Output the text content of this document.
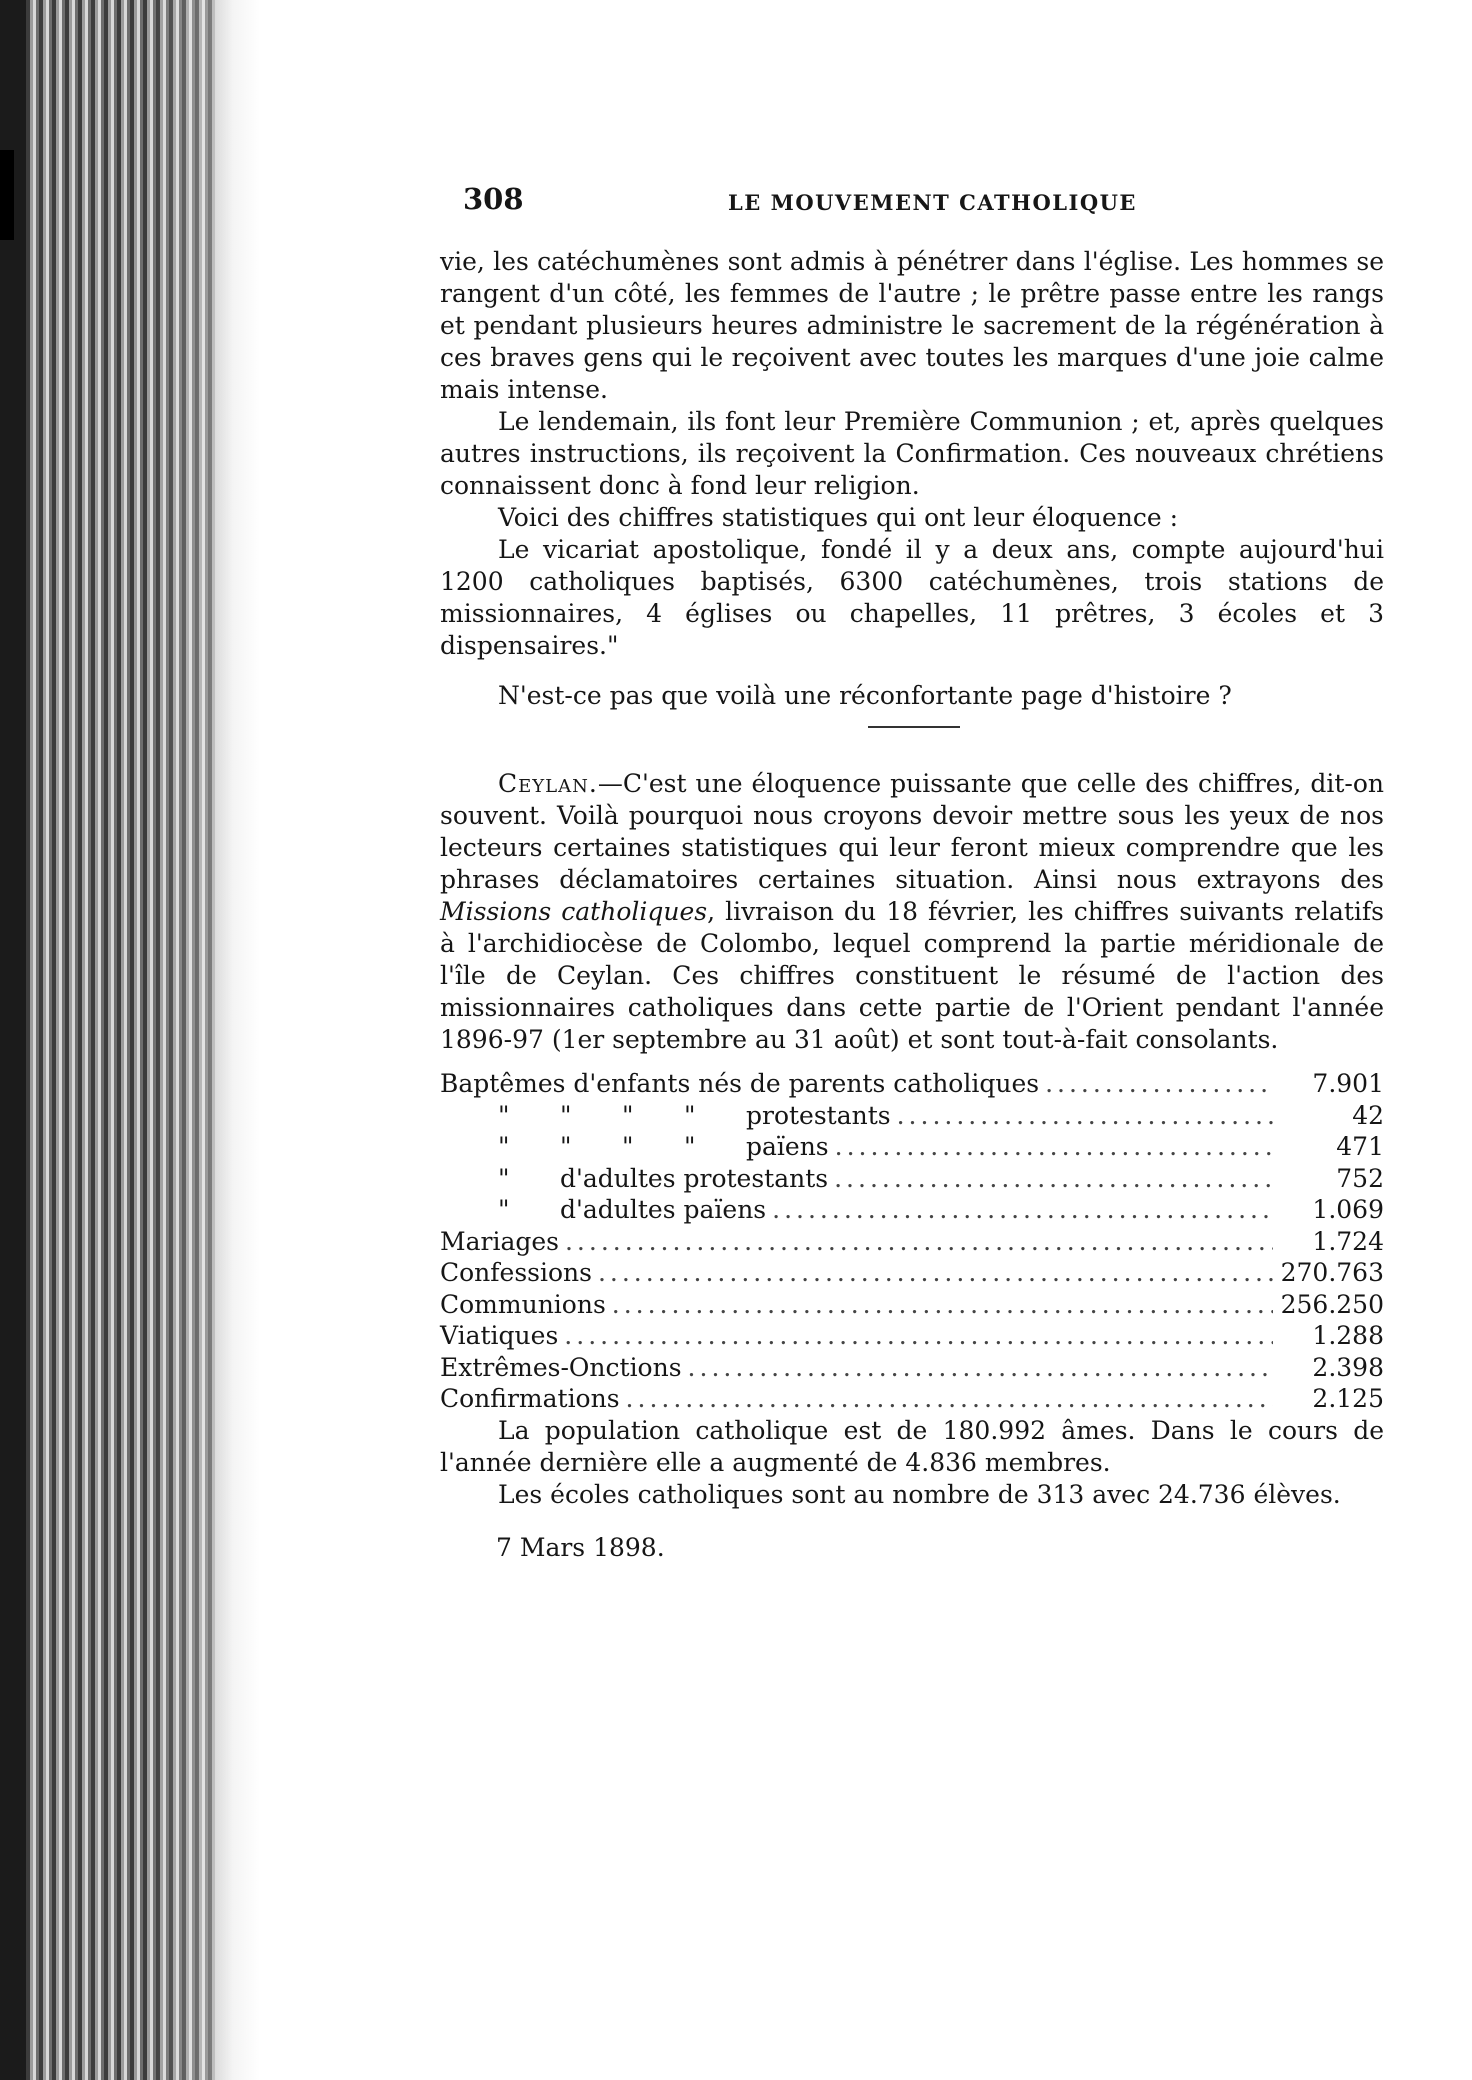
308	LE MOUVEMENT CATHOLIQUE

vie, les catéchumènes sont admis à pénétrer dans l'église. Les hommes se rangent d'un côté, les femmes de l'autre ; le prêtre passe entre les rangs et pendant plusieurs heures administre le sacrement de la régénération à ces braves gens qui le reçoivent avec toutes les marques d'une joie calme mais intense.

Le lendemain, ils font leur Première Communion ; et, après quelques autres instructions, ils reçoivent la Confirmation. Ces nouveaux chrétiens connaissent donc à fond leur religion.

Voici des chiffres statistiques qui ont leur éloquence :

Le vicariat apostolique, fondé il y a deux ans, compte aujourd'hui 1200 catholiques baptisés, 6300 catéchumènes, trois stations de missionnaires, 4 églises ou chapelles, 11 prêtres, 3 écoles et 3 dispensaires."

N'est-ce pas que voilà une réconfortante page d'histoire ?

Ceylan.—C'est une éloquence puissante que celle des chiffres, dit-on souvent. Voilà pourquoi nous croyons devoir mettre sous les yeux de nos lecteurs certaines statistiques qui leur feront mieux comprendre que les phrases déclamatoires certaines situation. Ainsi nous extrayons des Missions catholiques, livraison du 18 février, les chiffres suivants relatifs à l'archidiocèse de Colombo, lequel comprend la partie méridionale de l'île de Ceylan. Ces chiffres constituent le résumé de l'action des missionnaires catholiques dans cette partie de l'Orient pendant l'année 1896-97 (1er septembre au 31 août) et sont tout-à-fait consolants.

Baptêmes d'enfants nés de parents catholiques .....	7.901
"	"	"	"	protestants .....	42
"	"	"	"	païens .....	471
"	d'adultes protestants .....	752
"	d'adultes païens .....	1.069
Mariages .....	1.724
Confessions .....	270.763
Communions .....	256.250
Viatiques .....	1.288
Extrêmes-Onctions .....	2.398
Confirmations .....	2.125

La population catholique est de 180.992 âmes. Dans le cours de l'année dernière elle a augmenté de 4.836 membres.

Les écoles catholiques sont au nombre de 313 avec 24.736 élèves.

7 Mars 1898.
